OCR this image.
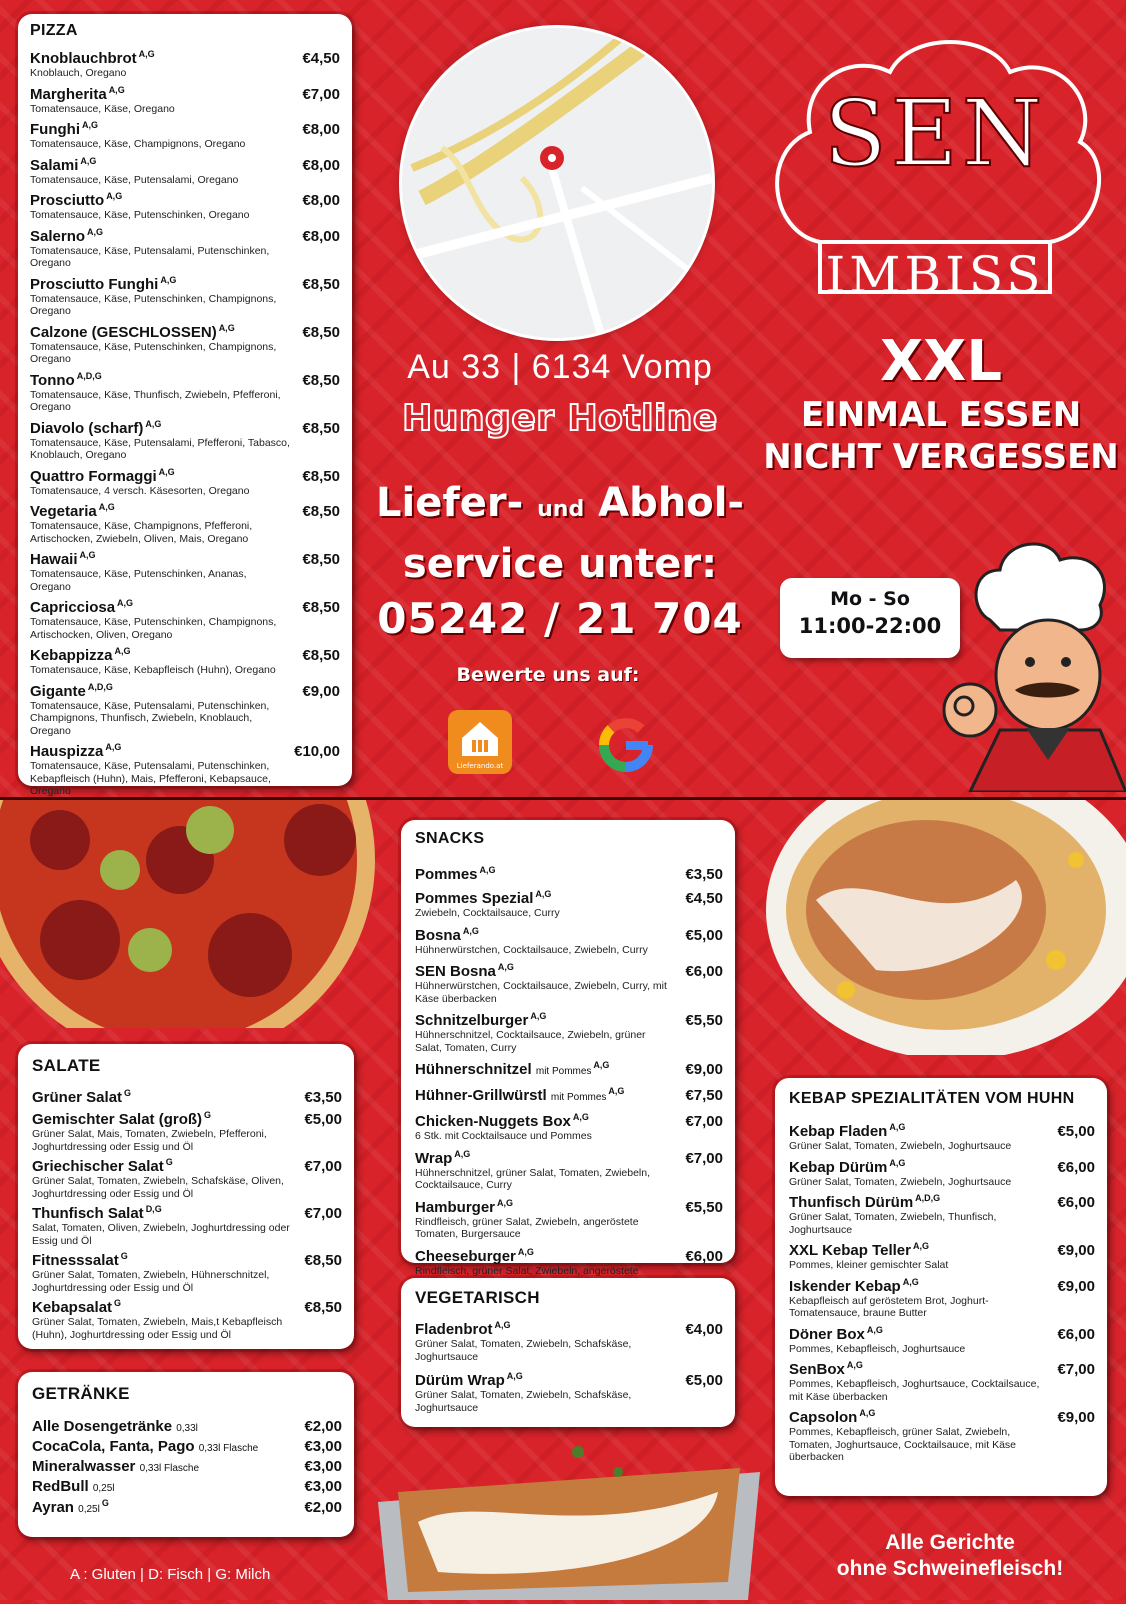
PIZZA
Knoblauchbrot $^{A,G}$	€4,50
Knoblauch, Oregano
Margherita $^{A,G}$	€7,00
Tomatensauce, Käse, Oregano
Funghi $^{A,G}$	€8,00
Tomatensauce, Käse, Champignons, Oregano
Salami $^{A,G}$	€8,00
Tomatensauce, Käse, Putensalami, Oregano
Prosciutto $^{A,G}$	€8,00
Tomatensauce, Käse, Putenschinken, Oregano
Salerno $^{A,G}$	€8,00
Tomatensauce, Käse, Putensalami, Putenschinken, Oregano
Prosciutto Funghi $^{A,G}$	€8,50
Tomatensauce, Käse, Putenschinken, Champignons, Oregano
Calzone (GESCHLOSSEN) $^{A,G}$	€8,50
Tomatensauce, Käse, Putenschinken, Champignons, Oregano
Tonno $^{A,D,G}$	€8,50
Tomatensauce, Käse, Thunfisch, Zwiebeln, Pfefferoni, Oregano
Diavolo (scharf) $^{A,G}$	€8,50
Tomatensauce, Käse, Putensalami, Pfefferoni, Tabasco, Knoblauch, Oregano
Quattro Formaggi $^{A,G}$	€8,50
Tomatensauce, 4 versch. Käsesorten, Oregano
Vegetaria $^{A,G}$	€8,50
Tomatensauce, Käse, Champignons, Pfefferoni, Artischocken, Zwiebeln, Oliven, Mais, Oregano
Hawaii $^{A,G}$	€8,50
Tomatensauce, Käse, Putenschinken, Ananas, Oregano
Capricciosa $^{A,G}$	€8,50
Tomatensauce, Käse, Putenschinken, Champignons, Artischocken, Oliven, Oregano
Kebappizza $^{A,G}$	€8,50
Tomatensauce, Käse, Kebapfleisch (Huhn), Oregano
Gigante $^{A,D,G}$	€9,00
Tomatensauce, Käse, Putensalami, Putenschinken, Champignons, Thunfisch, Zwiebeln, Knoblauch, Oregano
Hauspizza $^{A,G}$	€10,00
Tomatensauce, Käse, Putensalami, Putenschinken, Kebapfleisch (Huhn), Mais, Pfefferoni, Kebapsauce, Oregano
SEN
IMBISS
Au 33 | 6134 Vomp
Hunger Hotline
Liefer- und Abhol-
service unter:
05242 / 21 704
Bewerte uns auf:
Lieferando.at
XXL
EINMAL ESSEN
NICHT VERGESSEN
Mo - So
11:00-22:00
SNACKS
Pommes $^{A,G}$	€3,50
Pommes Spezial $^{A,G}$	€4,50
Zwiebeln, Cocktailsauce, Curry
Bosna $^{A,G}$	€5,00
Hühnerwürstchen, Cocktailsauce, Zwiebeln, Curry
SEN Bosna $^{A,G}$	€6,00
Hühnerwürstchen, Cocktailsauce, Zwiebeln, Curry, mit Käse überbacken
Schnitzelburger $^{A,G}$	€5,50
Hühnerschnitzel, Cocktailsauce, Zwiebeln, grüner Salat, Tomaten, Curry
Hühnerschnitzel mit Pommes$^{A,G}$	€9,00
Hühner-Grillwürstl mit Pommes$^{A,G}$	€7,50
Chicken-Nuggets Box $^{A,G}$	€7,00
6 Stk. mit Cocktailsauce und Pommes
Wrap $^{A,G}$	€7,00
Hühnerschnitzel, grüner Salat, Tomaten, Zwiebeln, Cocktailsauce, Curry
Hamburger $^{A,G}$	€5,50
Rindfleisch, grüner Salat, Zwiebeln, angeröstete Tomaten, Burgersauce
Cheeseburger $^{A,G}$	€6,00
Rindfleisch, grüner Salat, Zwiebeln, angeröstete
VEGETARISCH
Fladenbrot $^{A,G}$	€4,00
Grüner Salat, Tomaten, Zwiebeln, Schafskäse, Joghurtsauce
Dürüm Wrap $^{A,G}$	€5,00
Grüner Salat, Tomaten, Zwiebeln, Schafskäse, Joghurtsauce
SALATE
Grüner Salat $^G$	€3,50
Gemischter Salat (groß) $^G$	€5,00
Grüner Salat, Mais, Tomaten, Zwiebeln, Pfefferoni, Joghurtdressing oder Essig und Öl
Griechischer Salat $^G$	€7,00
Grüner Salat, Tomaten, Zwiebeln, Schafskäse, Oliven, Joghurtdressing oder Essig und Öl
Thunfisch Salat $^{D,G}$	€7,00
Salat, Tomaten, Oliven, Zwiebeln, Joghurtdressing oder Essig und Öl
Fitnesssalat $^G$	€8,50
Grüner Salat, Tomaten, Zwiebeln, Hühnerschnitzel, Joghurtdressing oder Essig und Öl
Kebapsalat $^G$	€8,50
Grüner Salat, Tomaten, Zwiebeln, Mais,t Kebapfleisch (Huhn), Joghurtdressing oder Essig und Öl
GETRÄNKE
Alle Dosengetränke 0,33l	€2,00
CocaCola, Fanta, Pago 0,33l Flasche	€3,00
Mineralwasser 0,33l Flasche	€3,00
RedBull 0,25l	€3,00
Ayran $0,25l^G$	€2,00
KEBAP SPEZIALITÄTEN VOM HUHN
Kebap Fladen $^{A,G}$	€5,00
Grüner Salat, Tomaten, Zwiebeln, Joghurtsauce
Kebap Dürüm $^{A,G}$	€6,00
Grüner Salat, Tomaten, Zwiebeln, Joghurtsauce
Thunfisch Dürüm $^{A,D,G}$	€6,00
Grüner Salat, Tomaten, Zwiebeln, Thunfisch, Joghurtsauce
XXL Kebap Teller $^{A,G}$	€9,00
Pommes, kleiner gemischter Salat
Iskender Kebap $^{A,G}$	€9,00
Kebapfleisch auf geröstetem Brot, Joghurt-Tomatensauce, braune Butter
Döner Box $^{A,G}$	€6,00
Pommes, Kebapfleisch, Joghurtsauce
SenBox $^{A,G}$	€7,00
Pommes, Kebapfleisch, Joghurtsauce, Cocktailsauce, mit Käse überbacken
Capsolon $^{A,G}$	€9,00
Pommes, Kebapfleisch, grüner Salat, Zwiebeln, Tomaten, Joghurtsauce, Cocktailsauce, mit Käse überbacken
A : Gluten | D: Fisch | G: Milch
Alle Gerichte
ohne Schweinefleisch!
